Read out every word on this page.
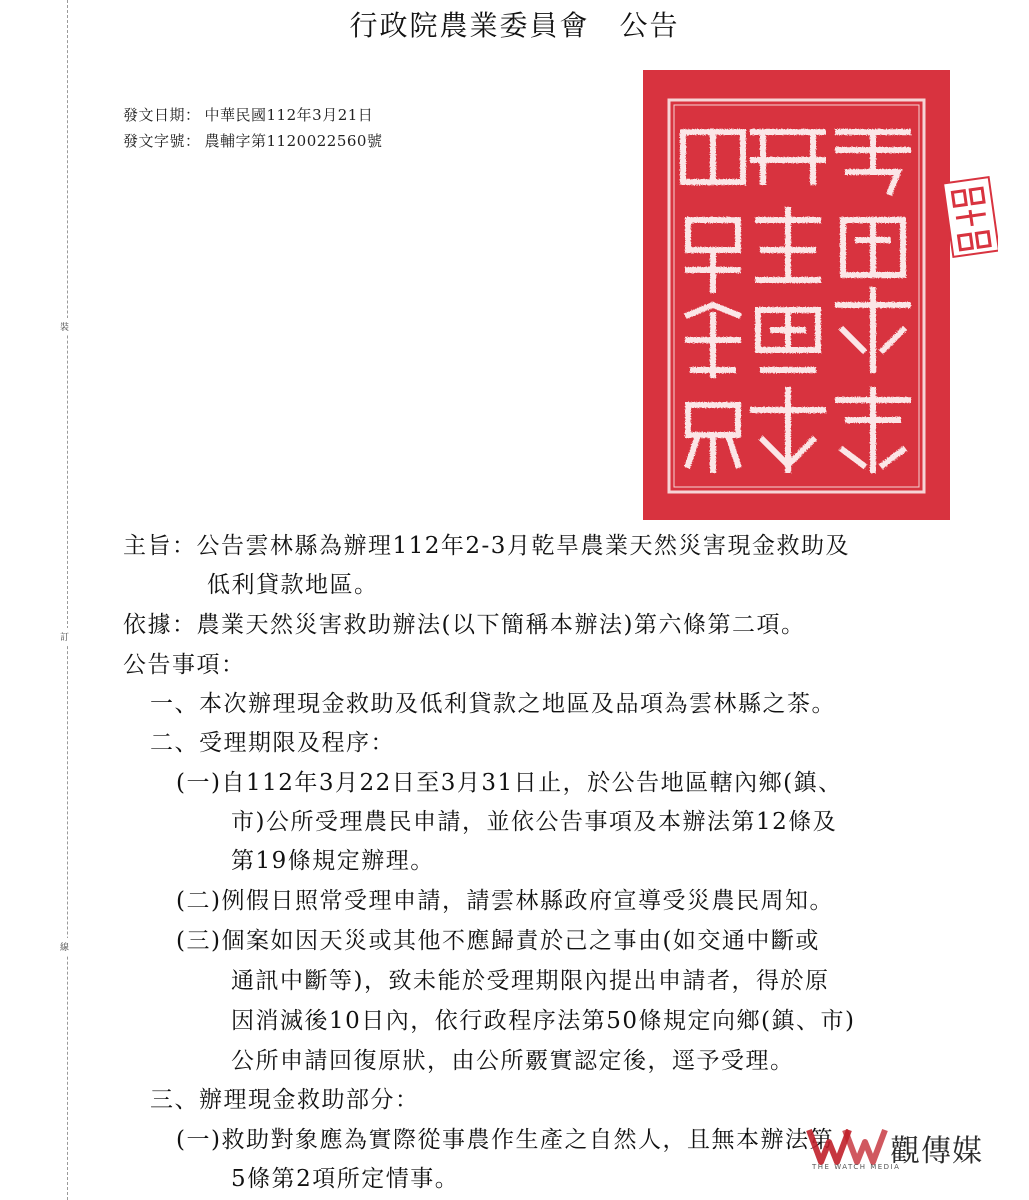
裝
訂
線
行政院農業委員會　公告
發文日期： 中華民國112年3月21日
發文字號： 農輔字第1120022560號
主旨：公告雲林縣為辦理112年2-3月乾旱農業天然災害現金救助及
低利貸款地區。
依據：農業天然災害救助辦法(以下簡稱本辦法)第六條第二項。
公告事項：
一、本次辦理現金救助及低利貸款之地區及品項為雲林縣之茶。
二、受理期限及程序：
(一)自112年3月22日至3月31日止，於公告地區轄內鄉(鎮、
市)公所受理農民申請，並依公告事項及本辦法第12條及
第19條規定辦理。
(二)例假日照常受理申請，請雲林縣政府宣導受災農民周知。
(三)個案如因天災或其他不應歸責於己之事由(如交通中斷或
通訊中斷等)，致未能於受理期限內提出申請者，得於原
因消滅後10日內，依行政程序法第50條規定向鄉(鎮、市)
公所申請回復原狀，由公所覈實認定後，逕予受理。
三、辦理現金救助部分：
(一)救助對象應為實際從事農作生產之自然人，且無本辦法第
5條第2項所定情事。
觀傳媒
THE WATCH MEDIA
